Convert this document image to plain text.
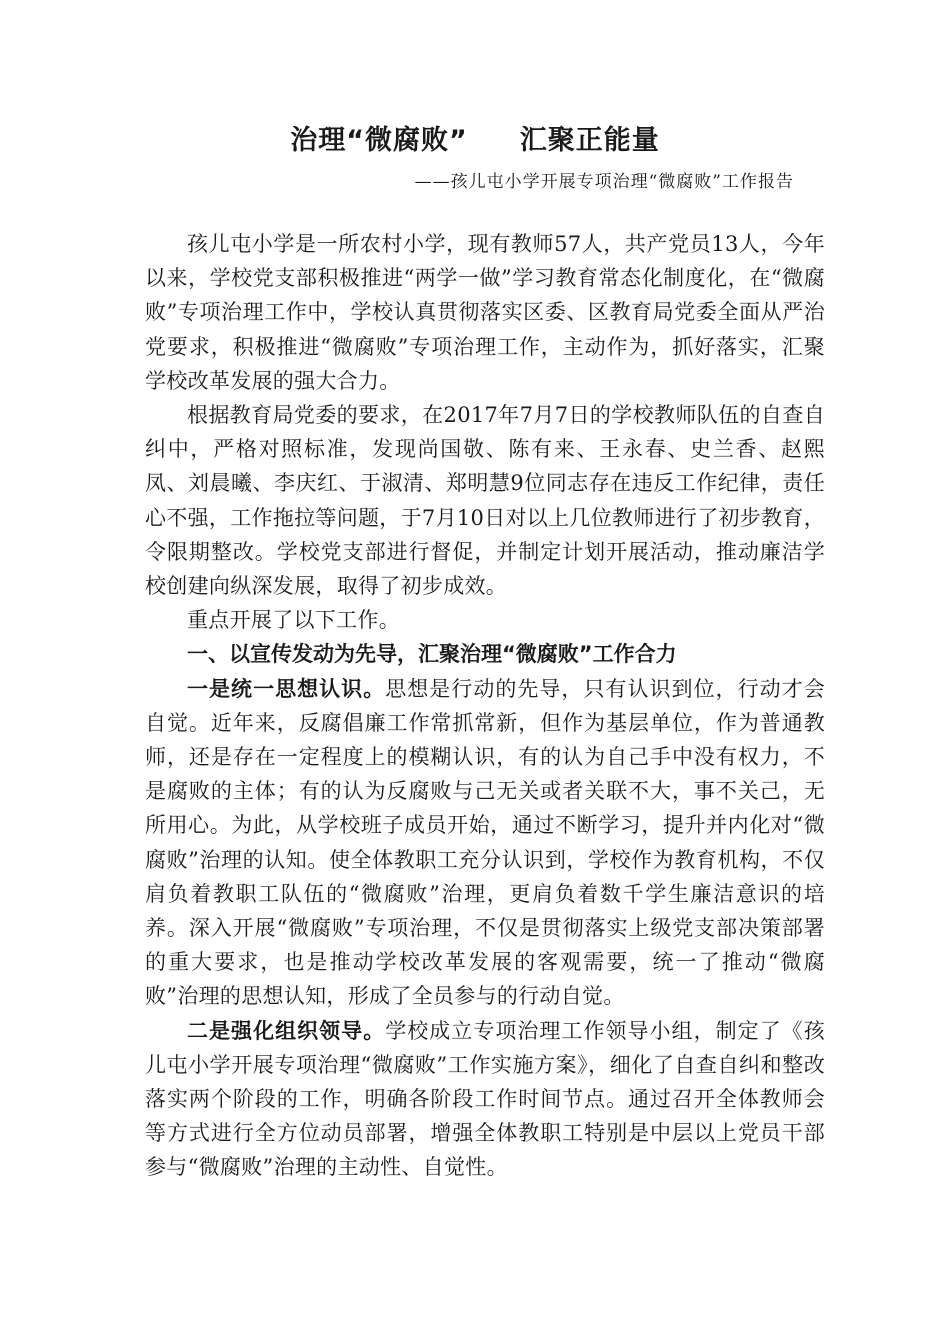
治理“微腐败” 汇聚正能量
——孩儿屯小学开展专项治理“微腐败”工作报告

孩儿屯小学是一所农村小学，现有教师57人，共产党员13人，今年以来，学校党支部积极推进“两学一做”学习教育常态化制度化，在“微腐败”专项治理工作中，学校认真贯彻落实区委、区教育局党委全面从严治党要求，积极推进“微腐败”专项治理工作，主动作为，抓好落实，汇聚学校改革发展的强大合力。

根据教育局党委的要求，在2017年7月7日的学校教师队伍的自查自纠中，严格对照标准，发现尚国敬、陈有来、王永春、史兰香、赵熙凤、刘晨曦、李庆红、于淑清、郑明慧9位同志存在违反工作纪律，责任心不强，工作拖拉等问题，于7月10日对以上几位教师进行了初步教育，令限期整改。学校党支部进行督促，并制定计划开展活动，推动廉洁学校创建向纵深发展，取得了初步成效。

重点开展了以下工作。

一、以宣传发动为先导，汇聚治理“微腐败”工作合力

一是统一思想认识。思想是行动的先导，只有认识到位，行动才会自觉。近年来，反腐倡廉工作常抓常新，但作为基层单位，作为普通教师，还是存在一定程度上的模糊认识，有的认为自己手中没有权力，不是腐败的主体；有的认为反腐败与己无关或者关联不大，事不关己，无所用心。为此，从学校班子成员开始，通过不断学习，提升并内化对“微腐败”治理的认知。使全体教职工充分认识到，学校作为教育机构，不仅肩负着教职工队伍的“微腐败”治理，更肩负着数千学生廉洁意识的培养。深入开展“微腐败”专项治理，不仅是贯彻落实上级党支部决策部署的重大要求，也是推动学校改革发展的客观需要，统一了推动“微腐败”治理的思想认知，形成了全员参与的行动自觉。

二是强化组织领导。学校成立专项治理工作领导小组，制定了《孩儿屯小学开展专项治理“微腐败”工作实施方案》，细化了自查自纠和整改落实两个阶段的工作，明确各阶段工作时间节点。通过召开全体教师会等方式进行全方位动员部署，增强全体教职工特别是中层以上党员干部参与“微腐败”治理的主动性、自觉性。
